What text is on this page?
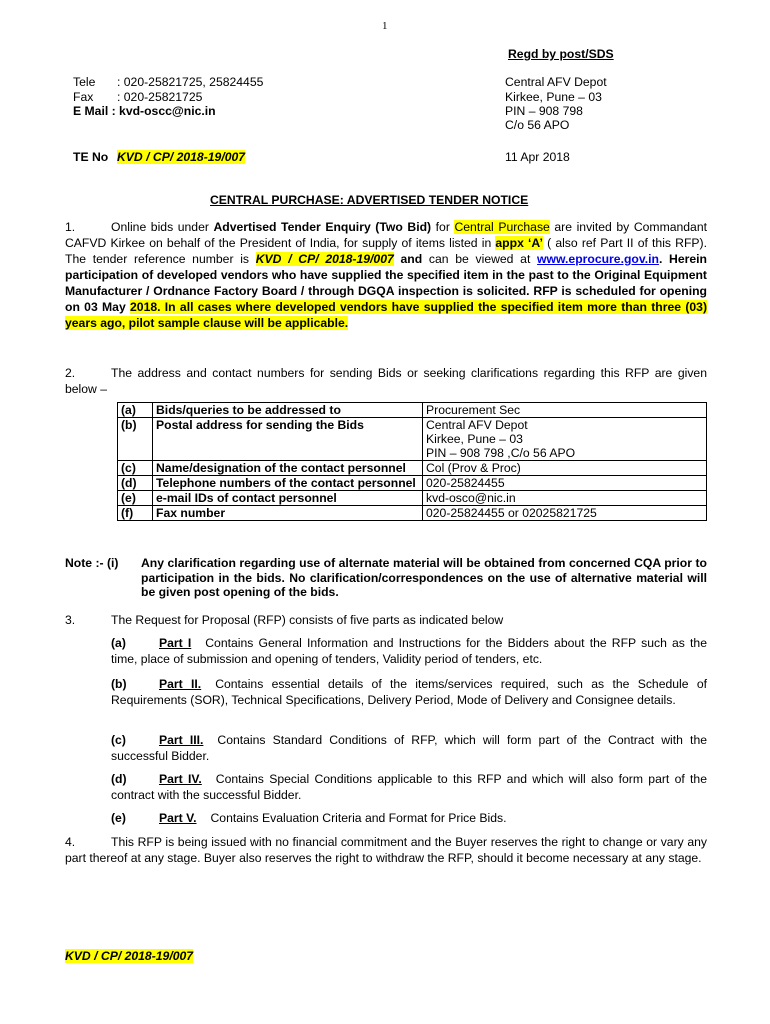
1
Regd by post/SDS
Tele : 020-25821725, 25824455
Fax : 020-25821725
E Mail : kvd-oscc@nic.in
Central AFV Depot
Kirkee, Pune – 03
PIN – 908 798
C/o 56 APO
TE No KVD / CP/ 2018-19/007	11 Apr 2018
CENTRAL PURCHASE: ADVERTISED TENDER NOTICE
1.	Online bids under Advertised Tender Enquiry (Two Bid) for Central Purchase are invited by Commandant CAFVD Kirkee on behalf of the President of India, for supply of items listed in appx ‘A’ ( also ref Part II of this RFP). The tender reference number is KVD / CP/ 2018-19/007 and can be viewed at www.eprocure.gov.in. Herein participation of developed vendors who have supplied the specified item in the past to the Original Equipment Manufacturer / Ordnance Factory Board / through DGQA inspection is solicited. RFP is scheduled for opening on 03 May 2018. In all cases where developed vendors have supplied the specified item more than three (03) years ago, pilot sample clause will be applicable.
2.	The address and contact numbers for sending Bids or seeking clarifications regarding this RFP are given below –
(a)	Bids/queries to be addressed to	Procurement Sec
(b)	Postal address for sending the Bids	Central AFV Depot
Kirkee, Pune – 03
PIN – 908 798 ,C/o 56 APO
(c)	Name/designation of the contact personnel	Col (Prov & Proc)
(d)	Telephone numbers of the contact personnel	020-25824455
(e)	e-mail IDs of contact personnel	kvd-osco@nic.in
(f)	Fax number	020-25824455 or 02025821725
Note :- (i) Any clarification regarding use of alternate material will be obtained from concerned CQA prior to participation in the bids. No clarification/correspondences on the use of alternative material will be given post opening of the bids.
3.	The Request for Proposal (RFP) consists of five parts as indicated below
(a)	Part I Contains General Information and Instructions for the Bidders about the RFP such as the time, place of submission and opening of tenders, Validity period of tenders, etc.
(b)	Part II. Contains essential details of the items/services required, such as the Schedule of Requirements (SOR), Technical Specifications, Delivery Period, Mode of Delivery and Consignee details.
(c)	Part III. Contains Standard Conditions of RFP, which will form part of the Contract with the successful Bidder.
(d)	Part IV. Contains Special Conditions applicable to this RFP and which will also form part of the contract with the successful Bidder.
(e)	Part V. Contains Evaluation Criteria and Format for Price Bids.
4.	This RFP is being issued with no financial commitment and the Buyer reserves the right to change or vary any part thereof at any stage. Buyer also reserves the right to withdraw the RFP, should it become necessary at any stage.
KVD / CP/ 2018-19/007
